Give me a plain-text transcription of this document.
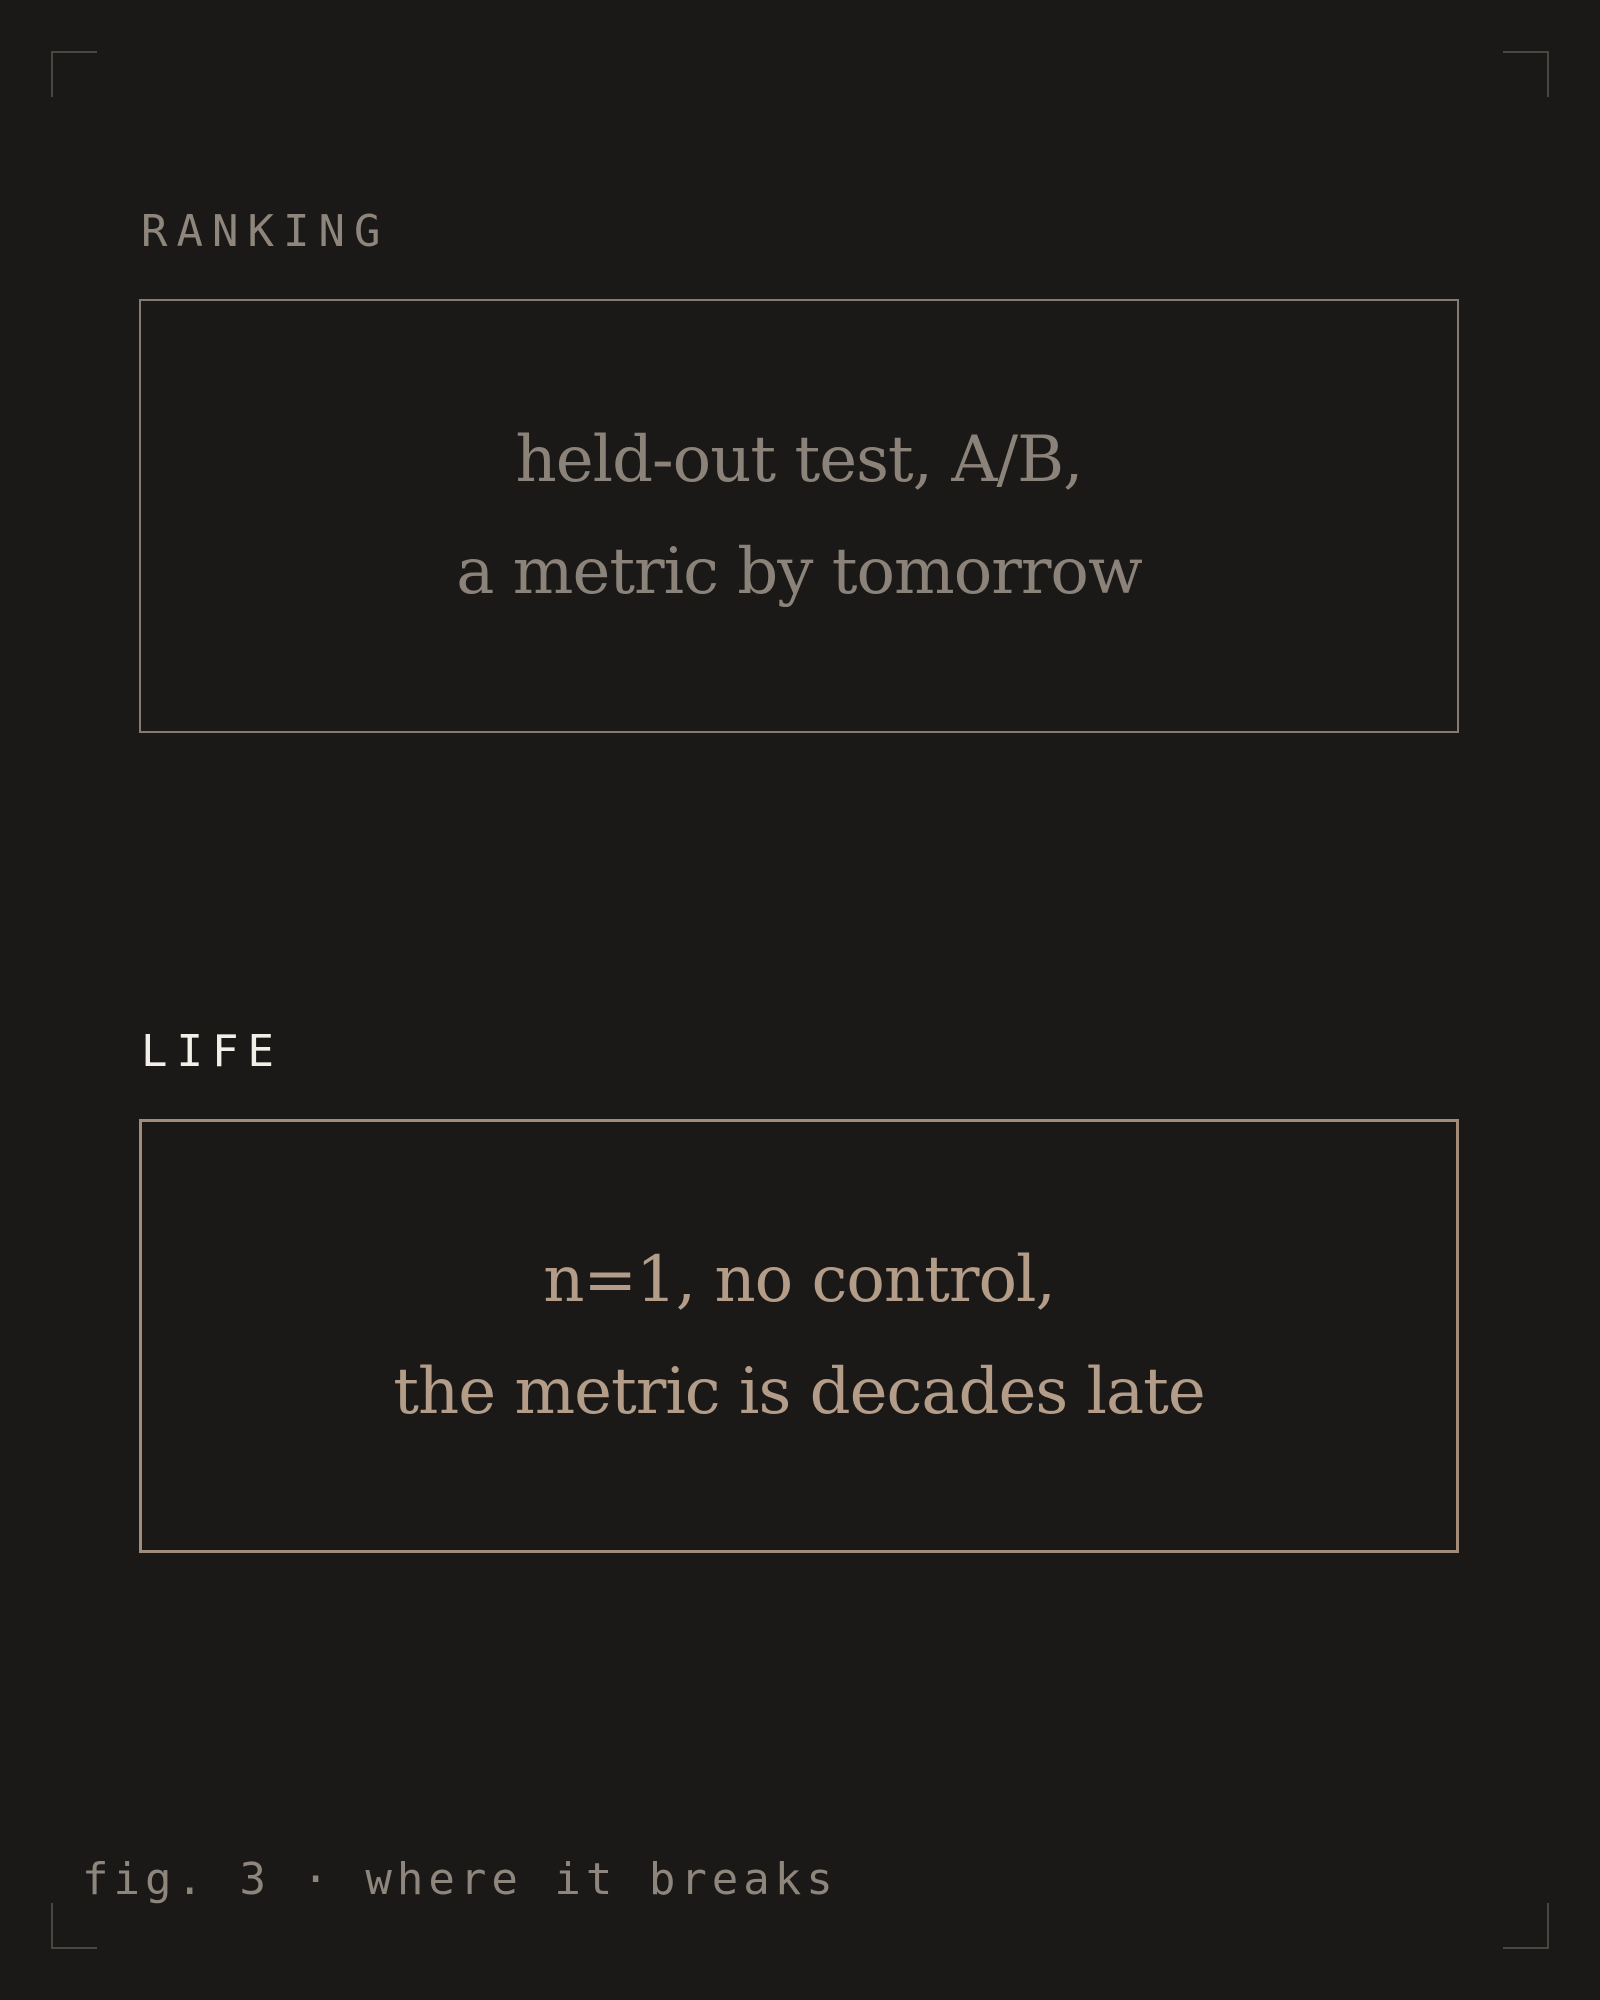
RANKING
held-out test, A/B,
a metric by tomorrow
LIFE
n=1, no control,
the metric is decades late
fig. 3 · where it breaks
